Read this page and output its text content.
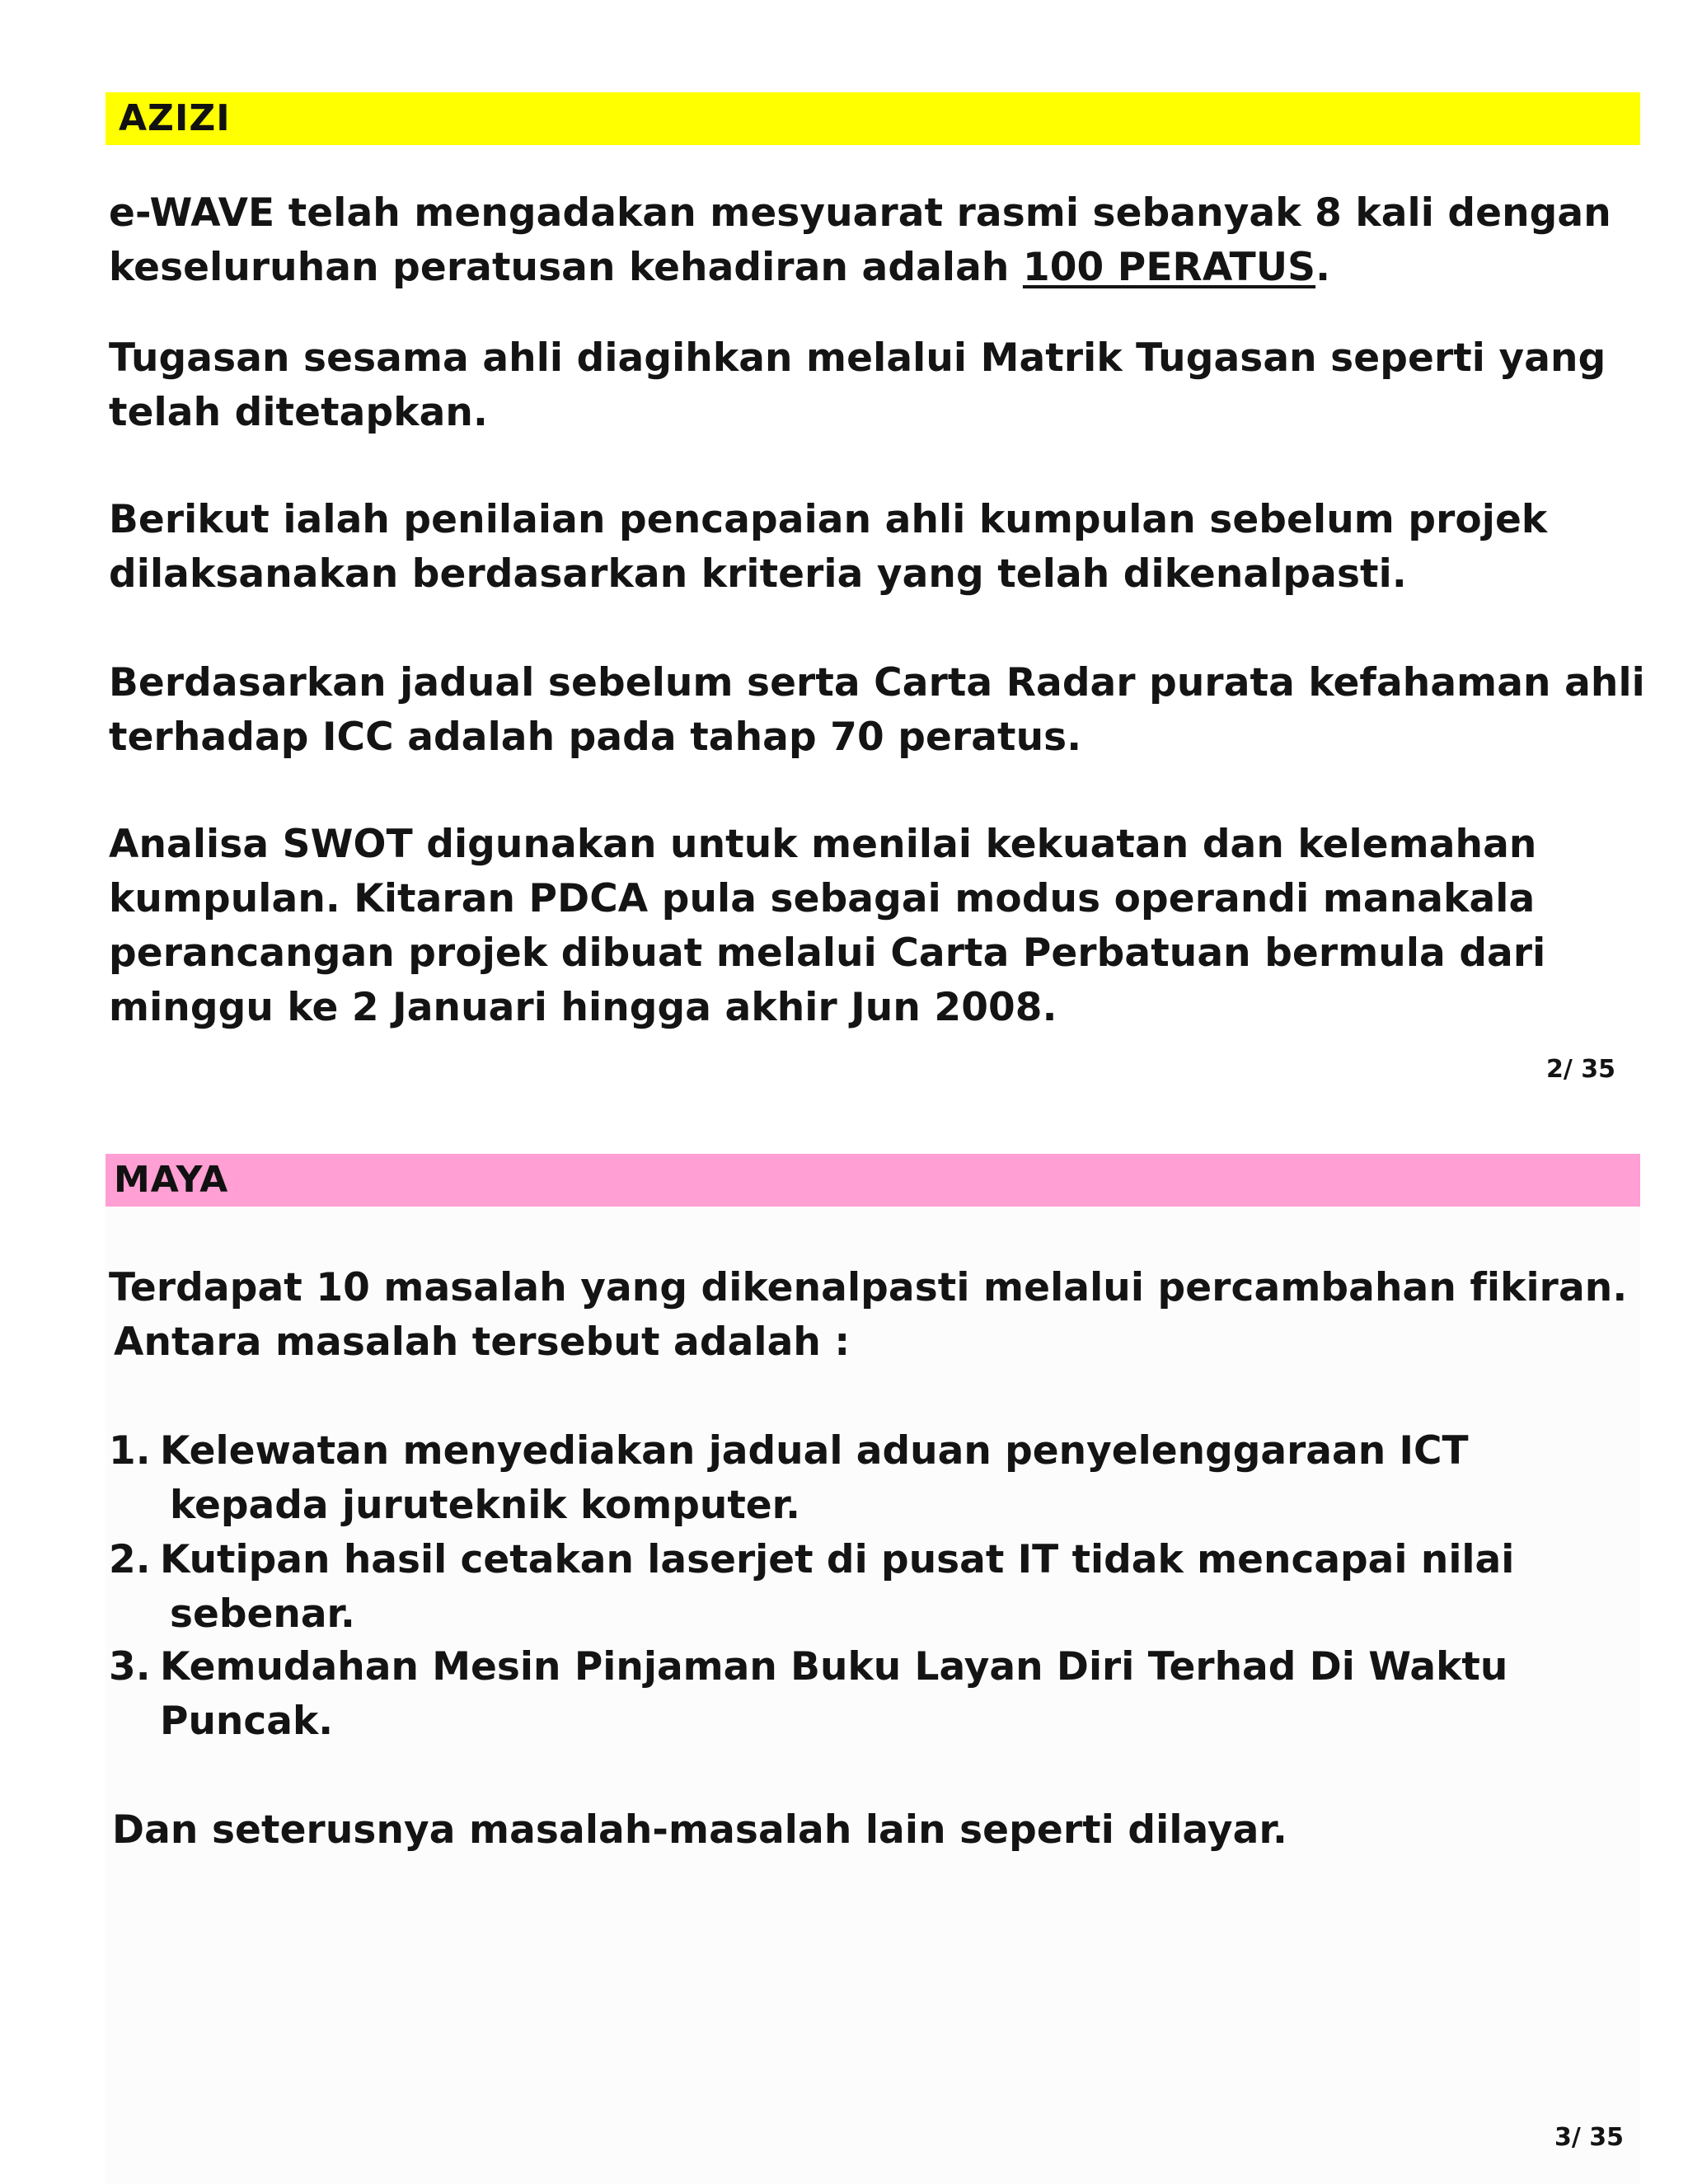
AZIZI

e-WAVE telah mengadakan mesyuarat rasmi sebanyak 8 kali dengan
keseluruhan peratusan kehadiran adalah 100 PERATUS.

Tugasan sesama ahli diagihkan melalui Matrik Tugasan seperti yang
telah ditetapkan.

Berikut ialah penilaian pencapaian ahli kumpulan sebelum projek
dilaksanakan berdasarkan kriteria yang telah dikenalpasti.

Berdasarkan jadual sebelum serta Carta Radar purata kefahaman ahli
terhadap ICC adalah pada tahap 70 peratus.

Analisa SWOT digunakan untuk menilai kekuatan dan kelemahan
kumpulan. Kitaran PDCA pula sebagai modus operandi manakala
perancangan projek dibuat melalui Carta Perbatuan bermula dari
minggu ke 2 Januari hingga akhir Jun 2008.

2/ 35
MAYA

Terdapat 10 masalah yang dikenalpasti melalui percambahan fikiran.
Antara masalah tersebut adalah :

1. Kelewatan menyediakan jadual aduan penyelenggaraan ICT
kepada juruteknik komputer.
2. Kutipan hasil cetakan laserjet di pusat IT tidak mencapai nilai
sebenar.
3. Kemudahan Mesin Pinjaman Buku Layan Diri Terhad Di Waktu
Puncak.

Dan seterusnya masalah-masalah lain seperti dilayar.

3/ 35
